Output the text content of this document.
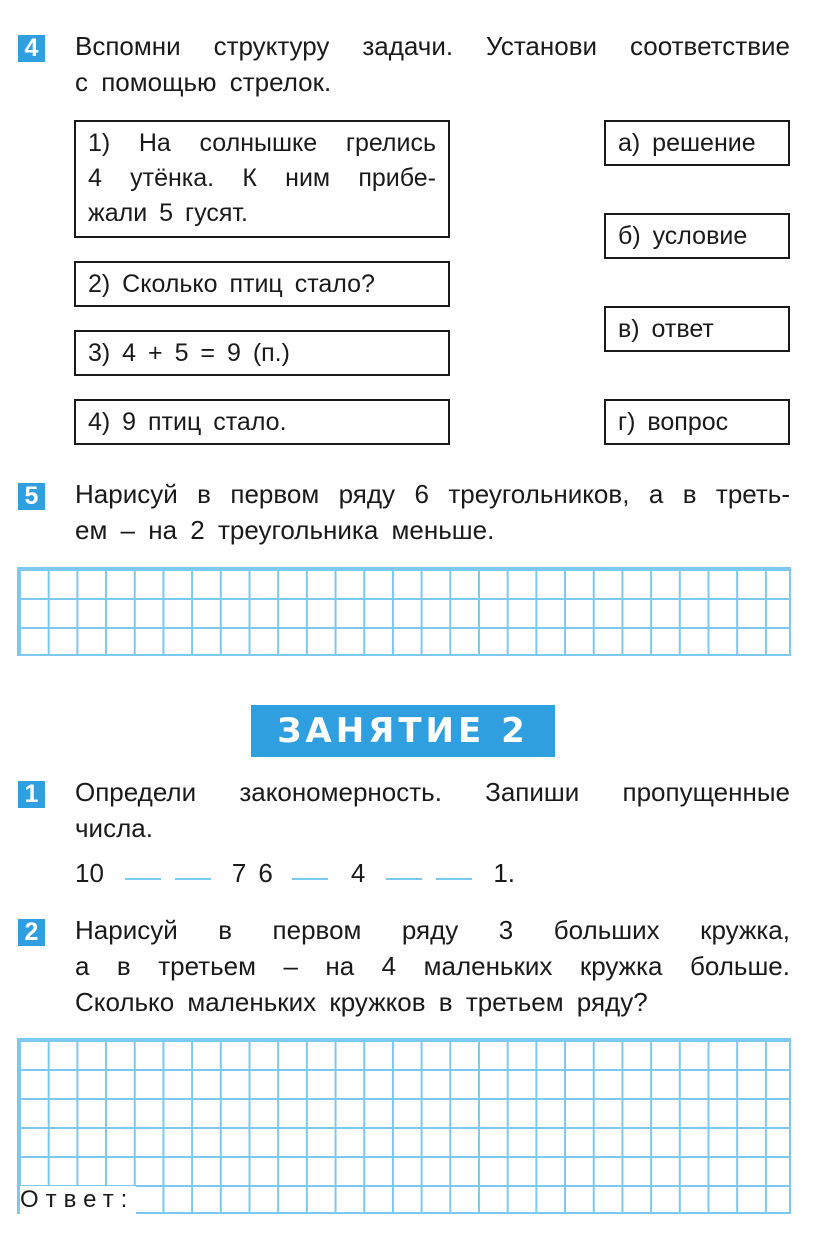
4 Вспомни структуру задачи. Установи соответствие
с помощью стрелок.
1) На солнышке грелись
4 утёнка. К ним прибе-
жали 5 гусят.
2) Сколько птиц стало?
3) 4 + 5 = 9 (п.)
4) 9 птиц стало.
а) решение
б) условие
в) ответ
г) вопрос
5 Нарисуй в первом ряду 6 треугольников, а в треть-
ем – на 2 треугольника меньше.
ЗАНЯТИЕ 2
1 Определи закономерность. Запиши пропущенные
числа.
10	7 6	4	1.
2 Нарисуй в первом ряду 3 больших кружка,
а в третьем – на 4 маленьких кружка больше.
Сколько маленьких кружков в третьем ряду?
Ответ:
